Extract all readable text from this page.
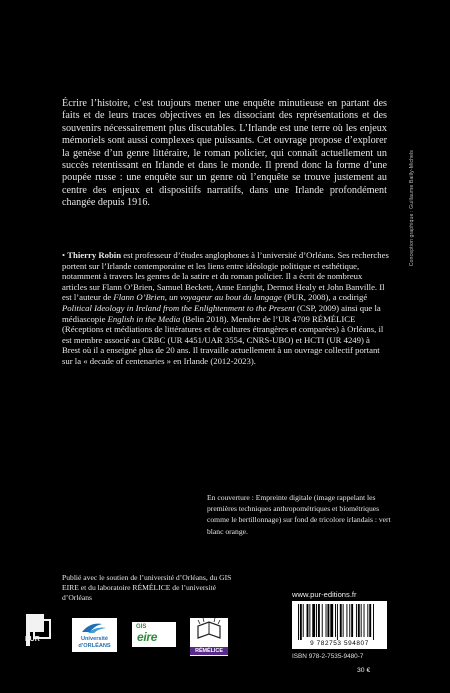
Écrire l’histoire, c’est toujours mener une enquête minutieuse en partant des faits et de leurs traces objectives en les dissociant des représentations et des souvenirs nécessairement plus discutables. L’Irlande est une terre où les enjeux mémoriels sont aussi complexes que puissants. Cet ouvrage propose d’explorer la genèse d’un genre littéraire, le roman policier, qui connaît actuellement un succès retentissant en Irlande et dans le monde. Il prend donc la forme d’une poupée russe : une enquête sur un genre où l’enquête se trouve justement au centre des enjeux et dispositifs narratifs, dans une Irlande profondément changée depuis 1916.	Conception graphique : Guillaume Bailly-Michels
• Thierry Robin est professeur d’études anglophones à l’université d’Orléans. Ses recherches portent sur l’Irlande contemporaine et les liens entre idéologie politique et esthétique, notamment à travers les genres de la satire et du roman policier. Il a écrit de nombreux articles sur Flann O’Brien, Samuel Beckett, Anne Enright, Dermot Healy et John Banville. Il est l’auteur de Flann O’Brien, un voyageur au bout du langage (PUR, 2008), a codirigé Political Ideology in Ireland from the Enlightenment to the Present (CSP, 2009) ainsi que la médiascopie English in the Media (Belin 2018). Membre de l’UR 4709 RÉMÉLICE (Réceptions et médiations de littératures et de cultures étrangères et comparées) à Orléans, il est membre associé au CRBC (UR 4451/UAR 3554, CNRS-UBO) et HCTI (UR 4249) à Brest où il a enseigné plus de 20 ans. Il travaille actuellement à un ouvrage collectif portant sur la « decade of centenaries » en Irlande (2012-2023).
En couverture : Empreinte digitale (image rappelant les premières techniques anthropométriques et biométriques comme le bertillonnage) sur fond de tricolore irlandais : vert blanc orange.
Publié avec le soutien de l’université d’Orléans, du GIS EIRE et du laboratoire RÉMÉLICE de l’université d’Orléans	www.pur-editions.fr
9 782753 594807
ISBN 978-2-7535-9480-7
30 €
PUR	Université
d’ORLÉANS
GIS
eire
RÉMÉLICE
